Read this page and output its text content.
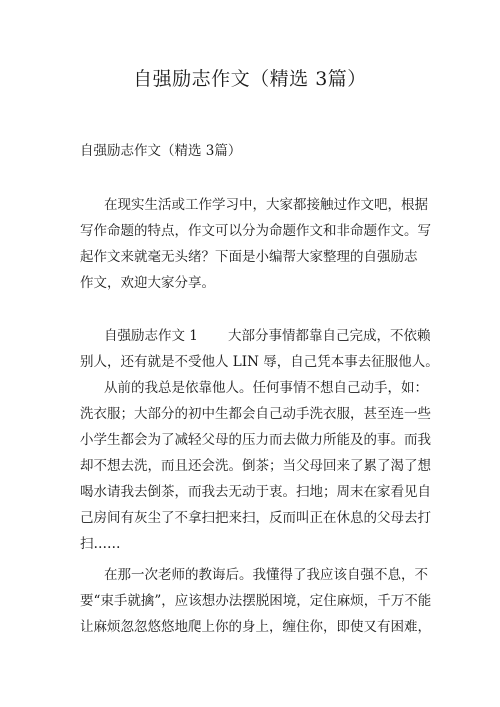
自强励志作文（精选 3篇）
自强励志作文（精选 3篇）
在现实生活或工作学习中，大家都接触过作文吧，根据
写作命题的特点，作文可以分为命题作文和非命题作文。写
起作文来就毫无头绪？下面是小编帮大家整理的自强励志
作文，欢迎大家分享。
自强励志作文 1 大部分事情都靠自己完成，不依赖
别人，还有就是不受他人 LIN 辱，自己凭本事去征服他人。
从前的我总是依靠他人。任何事情不想自己动手，如：
洗衣服；大部分的初中生都会自己动手洗衣服，甚至连一些
小学生都会为了减轻父母的压力而去做力所能及的事。而我
却不想去洗，而且还会洗。倒茶；当父母回来了累了渴了想
喝水请我去倒茶，而我去无动于衷。扫地；周末在家看见自
己房间有灰尘了不拿扫把来扫，反而叫正在休息的父母去打
扫……
在那一次老师的教诲后。我懂得了我应该自强不息，不
要“束手就擒”，应该想办法摆脱困境，定住麻烦，千万不能
让麻烦忽忽悠悠地爬上你的身上，缠住你，即使又有困难，
